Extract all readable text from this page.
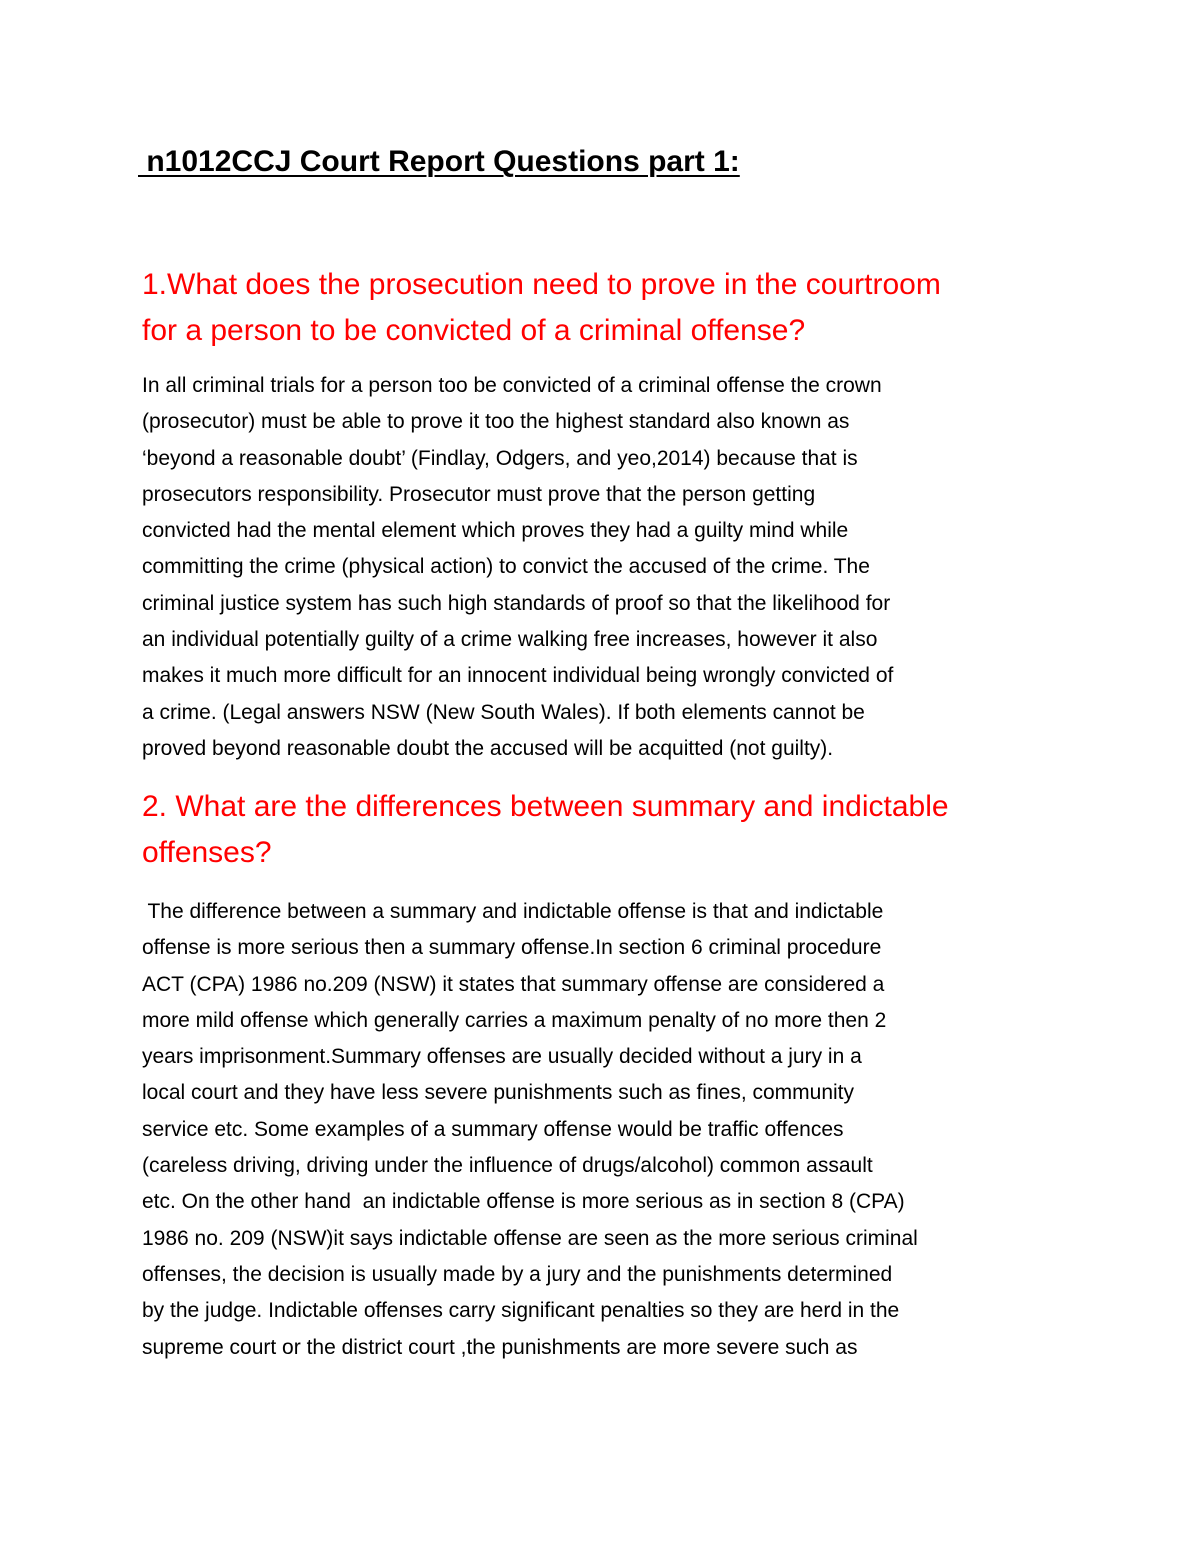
n1012CCJ Court Report Questions part 1:
1.What does the prosecution need to prove in the courtroom
for a person to be convicted of a criminal offense?
In all criminal trials for a person too be convicted of a criminal offense the crown
(prosecutor) must be able to prove it too the highest standard also known as
‘beyond a reasonable doubt’ (Findlay, Odgers, and yeo,2014) because that is
prosecutors responsibility. Prosecutor must prove that the person getting
convicted had the mental element which proves they had a guilty mind while
committing the crime (physical action) to convict the accused of the crime. The
criminal justice system has such high standards of proof so that the likelihood for
an individual potentially guilty of a crime walking free increases, however it also
makes it much more difficult for an innocent individual being wrongly convicted of
a crime. (Legal answers NSW (New South Wales). If both elements cannot be
proved beyond reasonable doubt the accused will be acquitted (not guilty).
2. What are the differences between summary and indictable
offenses?
The difference between a summary and indictable offense is that and indictable
offense is more serious then a summary offense.In section 6 criminal procedure
ACT (CPA) 1986 no.209 (NSW) it states that summary offense are considered a
more mild offense which generally carries a maximum penalty of no more then 2
years imprisonment.Summary offenses are usually decided without a jury in a
local court and they have less severe punishments such as fines, community
service etc. Some examples of a summary offense would be traffic offences
(careless driving, driving under the influence of drugs/alcohol) common assault
etc. On the other hand  an indictable offense is more serious as in section 8 (CPA)
1986 no. 209 (NSW)it says indictable offense are seen as the more serious criminal
offenses, the decision is usually made by a jury and the punishments determined
by the judge. Indictable offenses carry significant penalties so they are herd in the
supreme court or the district court ,the punishments are more severe such as
